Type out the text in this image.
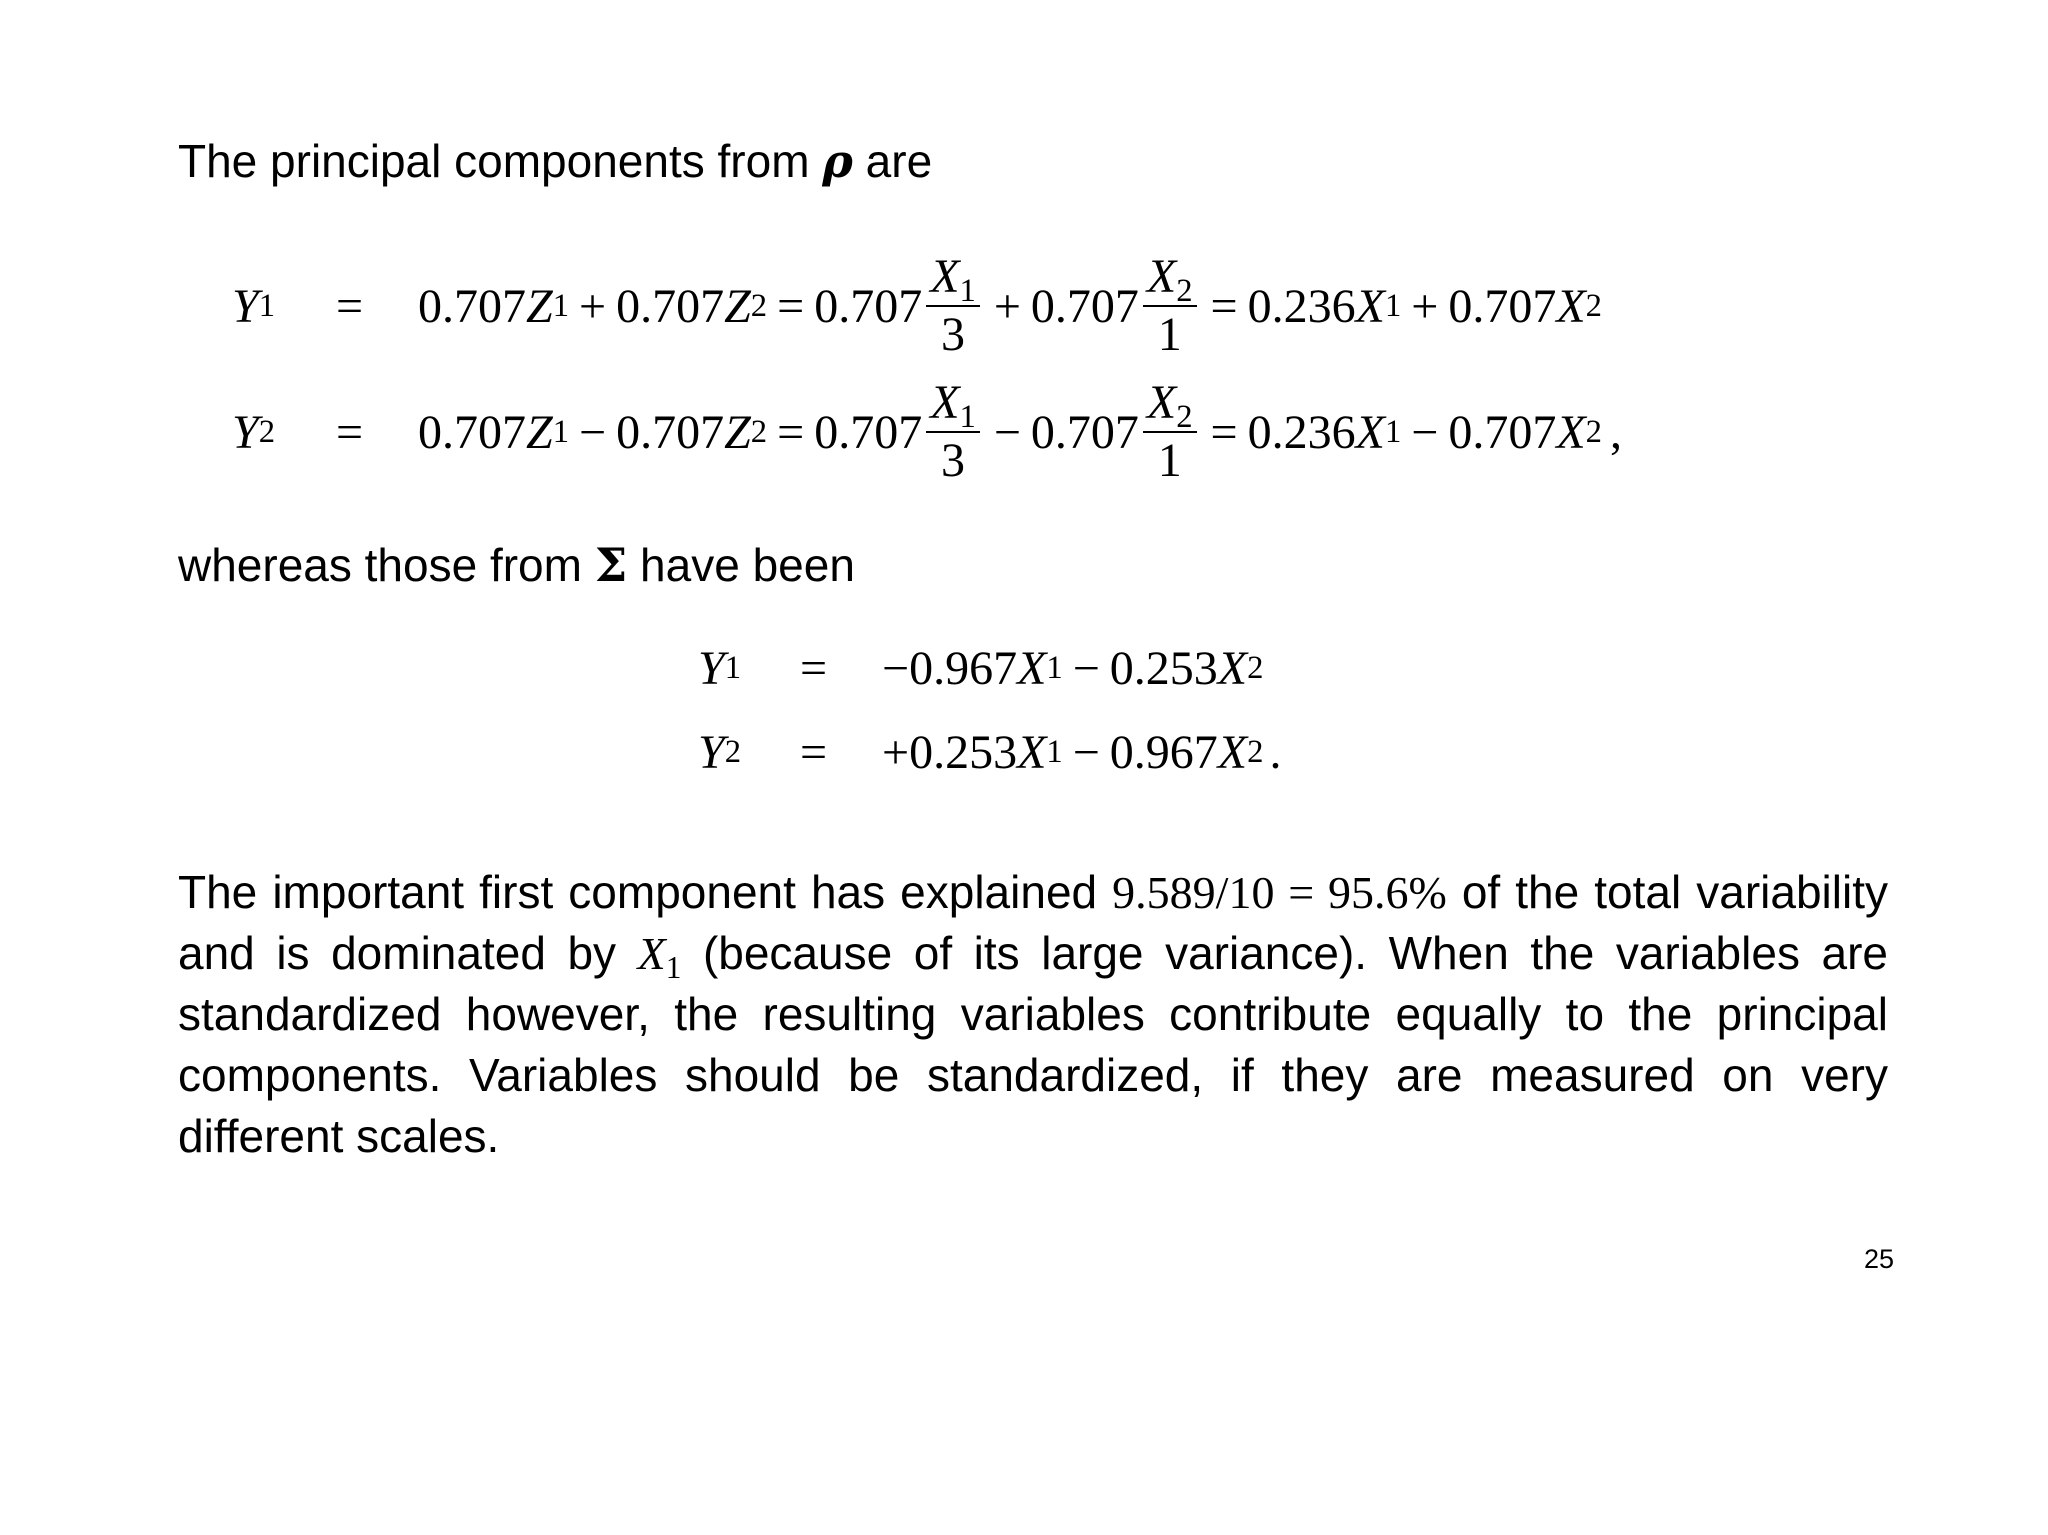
The principal components from ρ are

Y 1 = 0.707 Z 1 + 0.707 Z $2 = 0.707 \frac{X_1}{3} + 0.707 \frac{X_2}{1} = 0.236$ X 1 + 0.707 X 2
Y 2 = 0.707 Z 1 − 0.707 Z $2 = 0.707 \frac{X_1}{3} - 0.707 \frac{X_2}{1} = 0.236$ X 1 − 0.707 X 2 ,

whereas those from Σ have been

Y 1 = −0.967 X 1 − 0.253 X 2
Y 2 = +0.253 X 1 − 0.967 X 2 .

The important first component has explained 9.589/10 = 95.6% of the total variability and is dominated by $X_1$ (because of its large variance). When the variables are standardized however, the resulting variables contribute equally to the principal components. Variables should be standardized, if they are measured on very different scales.

25
